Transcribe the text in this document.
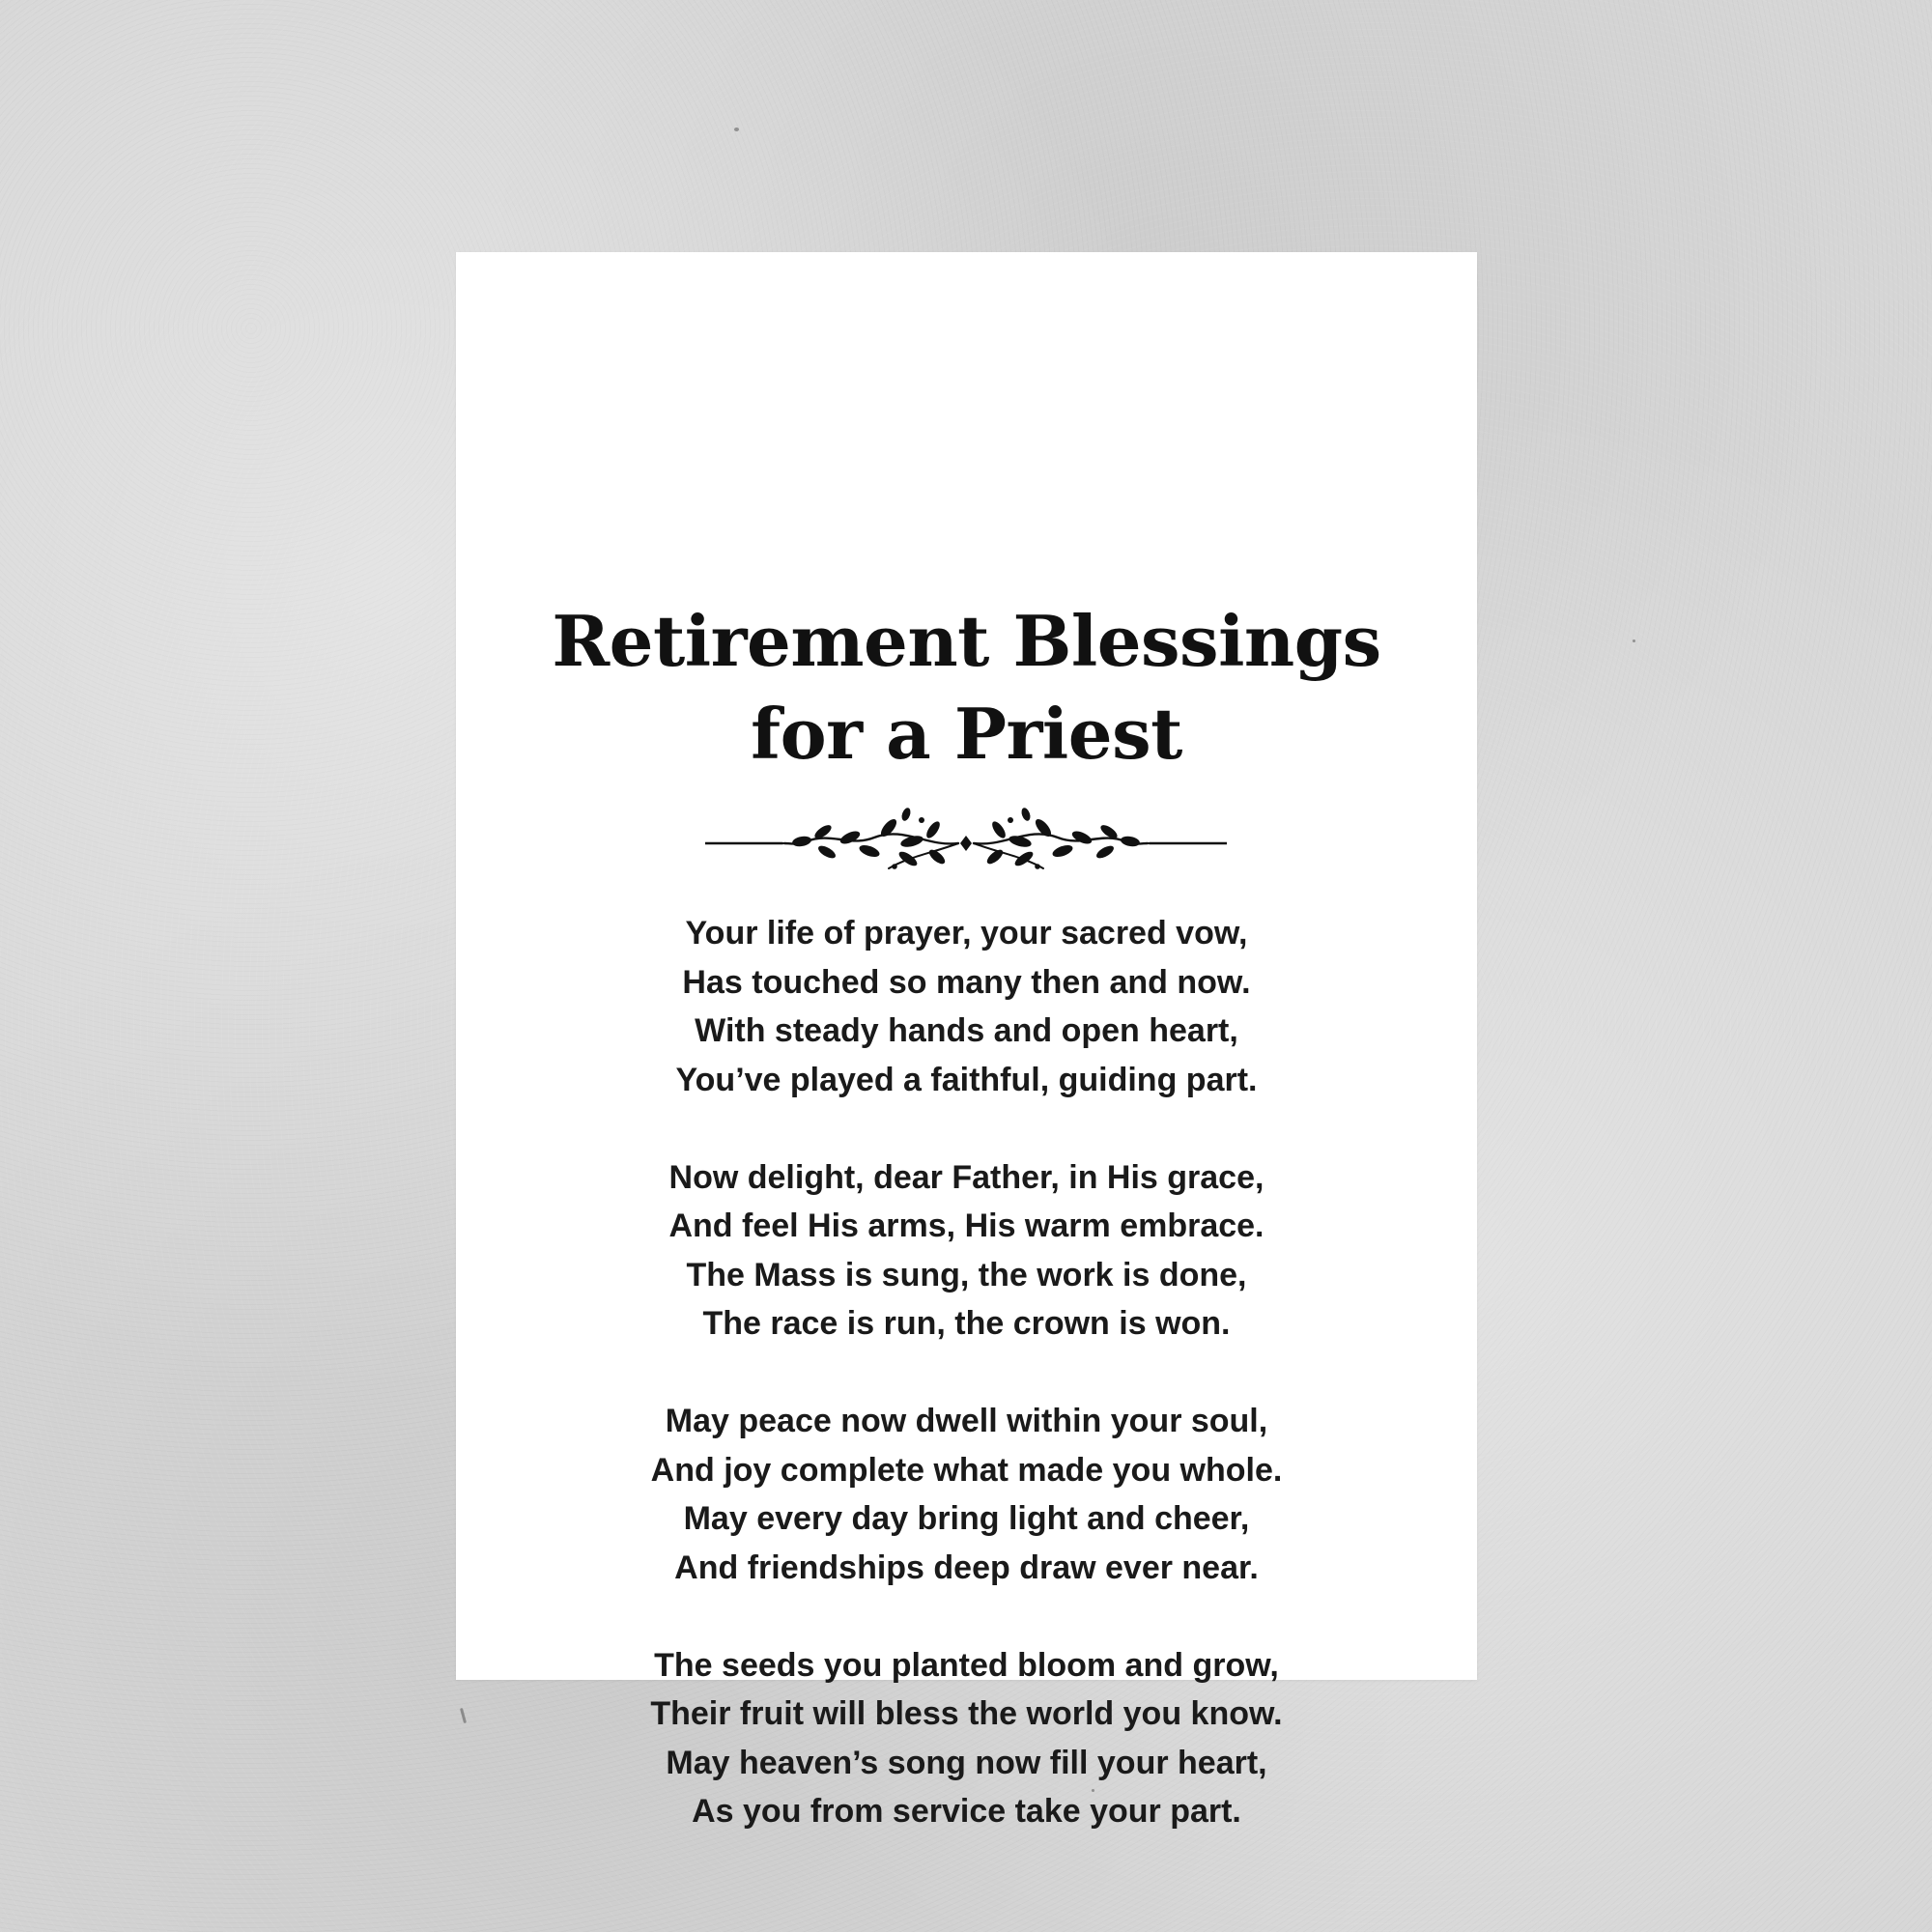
Retirement Blessings
for a Priest
Your life of prayer, your sacred vow,
Has touched so many then and now.
With steady hands and open heart,
You’ve played a faithful, guiding part.
Now delight, dear Father, in His grace,
And feel His arms, His warm embrace.
The Mass is sung, the work is done,
The race is run, the crown is won.
May peace now dwell within your soul,
And joy complete what made you whole.
May every day bring light and cheer,
And friendships deep draw ever near.
The seeds you planted bloom and grow,
Their fruit will bless the world you know.
May heaven’s song now fill your heart,
As you from service take your part.
